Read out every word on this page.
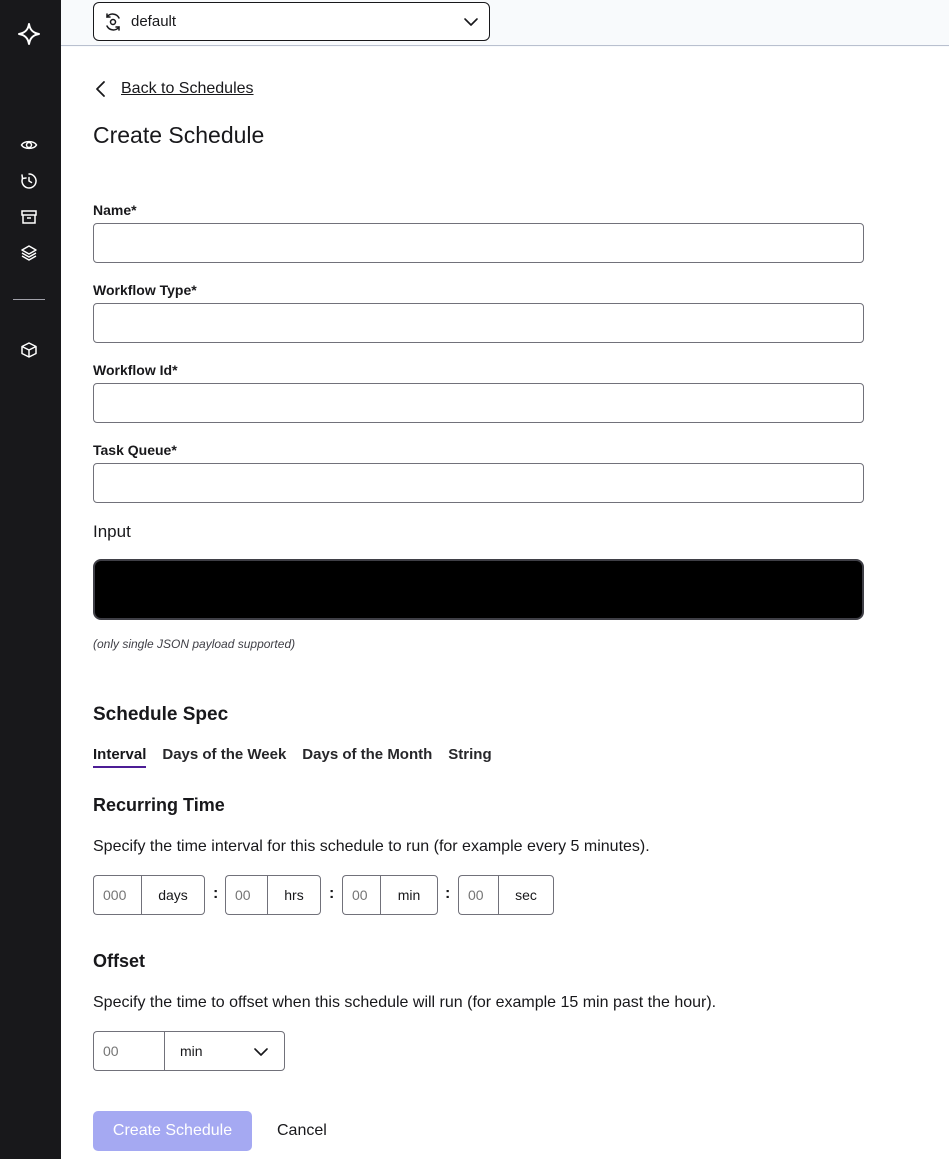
default
Back to Schedules
Create Schedule
Name*
Workflow Type*
Workflow Id*
Task Queue*
Input
(only single JSON payload supported)
Schedule Spec
Interval Days of the Week Days of the Month String
Recurring Time

Specify the time interval for this schedule to run (for example every 5 minutes).

000
days	:
00	hrs	:
00	min	:
00	sec
Offset

Specify the time to offset when this schedule will run (for example 15 min past the hour).

00
min
Create Schedule	Cancel
